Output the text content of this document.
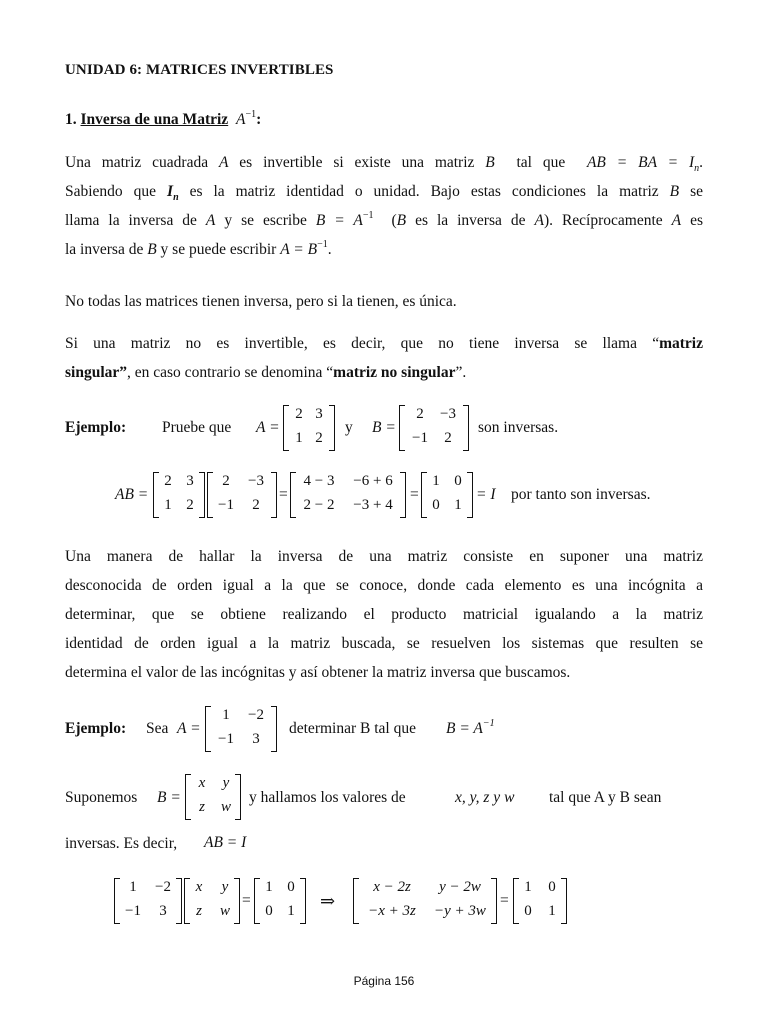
UNIDAD 6: MATRICES INVERTIBLES
1. Inversa de una Matriz $A^{-1}$:

Una matriz cuadrada A es invertible si existe una matriz B  tal que  AB = BA = $I_n$.

Sabiendo que $I_n$ es la matriz identidad o unidad. Bajo estas condiciones la matriz B se

llama la inversa de A y se escribe $B = A^{-1}$  (B es la inversa de A). Recíprocamente A es

la inversa de B y se puede escribir $A = B^{-1}$.

No todas las matrices tienen inversa, pero si la tienen, es única.

Si una matriz no es invertible, es decir, que no tiene inversa se llama “matriz

singular”, en caso contrario se denomina “matriz no singular”.

Ejemplo: Pruebe que A =
2 3
1 2
y B =
2	−3
−1	2
son inversas.
AB =
2 3
1 2
2	−3
−1	2
=
4 − 3	−6 + 6
2 − 2	−3 + 4
=
1 0
0 1
= I por tanto son inversas.

Una manera de hallar la inversa de una matriz consiste en suponer una matriz

desconocida de orden igual a la que se conoce, donde cada elemento es una incógnita a

determinar, que se obtiene realizando el producto matricial igualando a la matriz

identidad de orden igual a la matriz buscada, se resuelven los sistemas que resulten se

determina el valor de las incógnitas y así obtener la matriz inversa que buscamos.

Ejemplo: Sea A =
1	−2
−1	3
determinar B tal que $B = A^{-1}$
Suponemos B =
x	y
z	w
y hallamos los valores de	x, y, z y w tal que A y B sean
inversas. Es decir, AB = I
1	−2
−1	3
x	y
z	w
=
1 0
0 1 ⇒
x − 2z	y − 2w
−x + 3z	−y + 3w
=
1	0
0	1
Página 156
